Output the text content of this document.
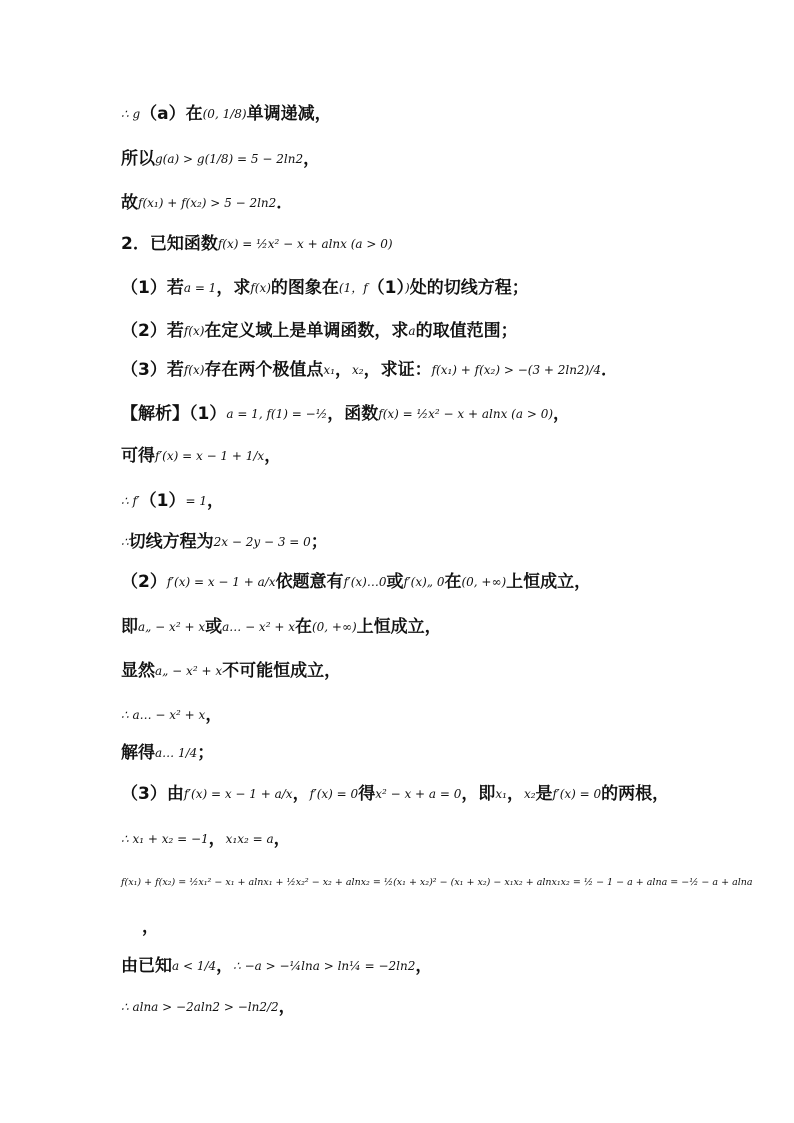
∴ g（a）在(0, 1/8)单调递减，
所以g(a) > g(1/8) = 5 − 2ln2，
故f(x₁) + f(x₂) > 5 − 2ln2．
2．已知函数f(x) = ½x² − x + alnx (a > 0)
（1）若a = 1，求f(x)的图象在(1，f（1）)处的切线方程；
（2）若f(x)在定义域上是单调函数，求a的取值范围；
（3）若f(x)存在两个极值点x₁，x₂，求证：f(x₁) + f(x₂) > −(3 + 2ln2)/4．
【解析】（1）a = 1, f(1) = −½，函数f(x) = ½x² − x + alnx (a > 0)，
可得f′(x) = x − 1 + 1/x，
∴ f′（1）= 1，
∴切线方程为2x − 2y − 3 = 0；
（2）f′(x) = x − 1 + a/x依题意有f′(x)…0或f′(x)„ 0在(0, +∞)上恒成立，
即a„ − x² + x或a… − x² + x在(0, +∞)上恒成立，
显然a„ − x² + x不可能恒成立，
∴ a… − x² + x，
解得a… 1/4；
（3）由f′(x) = x − 1 + a/x，f′(x) = 0得x² − x + a = 0，即x₁，x₂是f′(x) = 0的两根，
∴ x₁ + x₂ = −1，x₁x₂ = a，
f(x₁) + f(x₂) = ½x₁² − x₁ + alnx₁ + ½x₂² − x₂ + alnx₂ = ½(x₁ + x₂)² − (x₁ + x₂) − x₁x₂ + alnx₁x₂ = ½ − 1 − a + alna = −½ − a + alna
，
由已知a < 1/4，∴ −a > −¼lna > ln¼ = −2ln2，
∴ alna > −2aln2 > −ln2/2，
